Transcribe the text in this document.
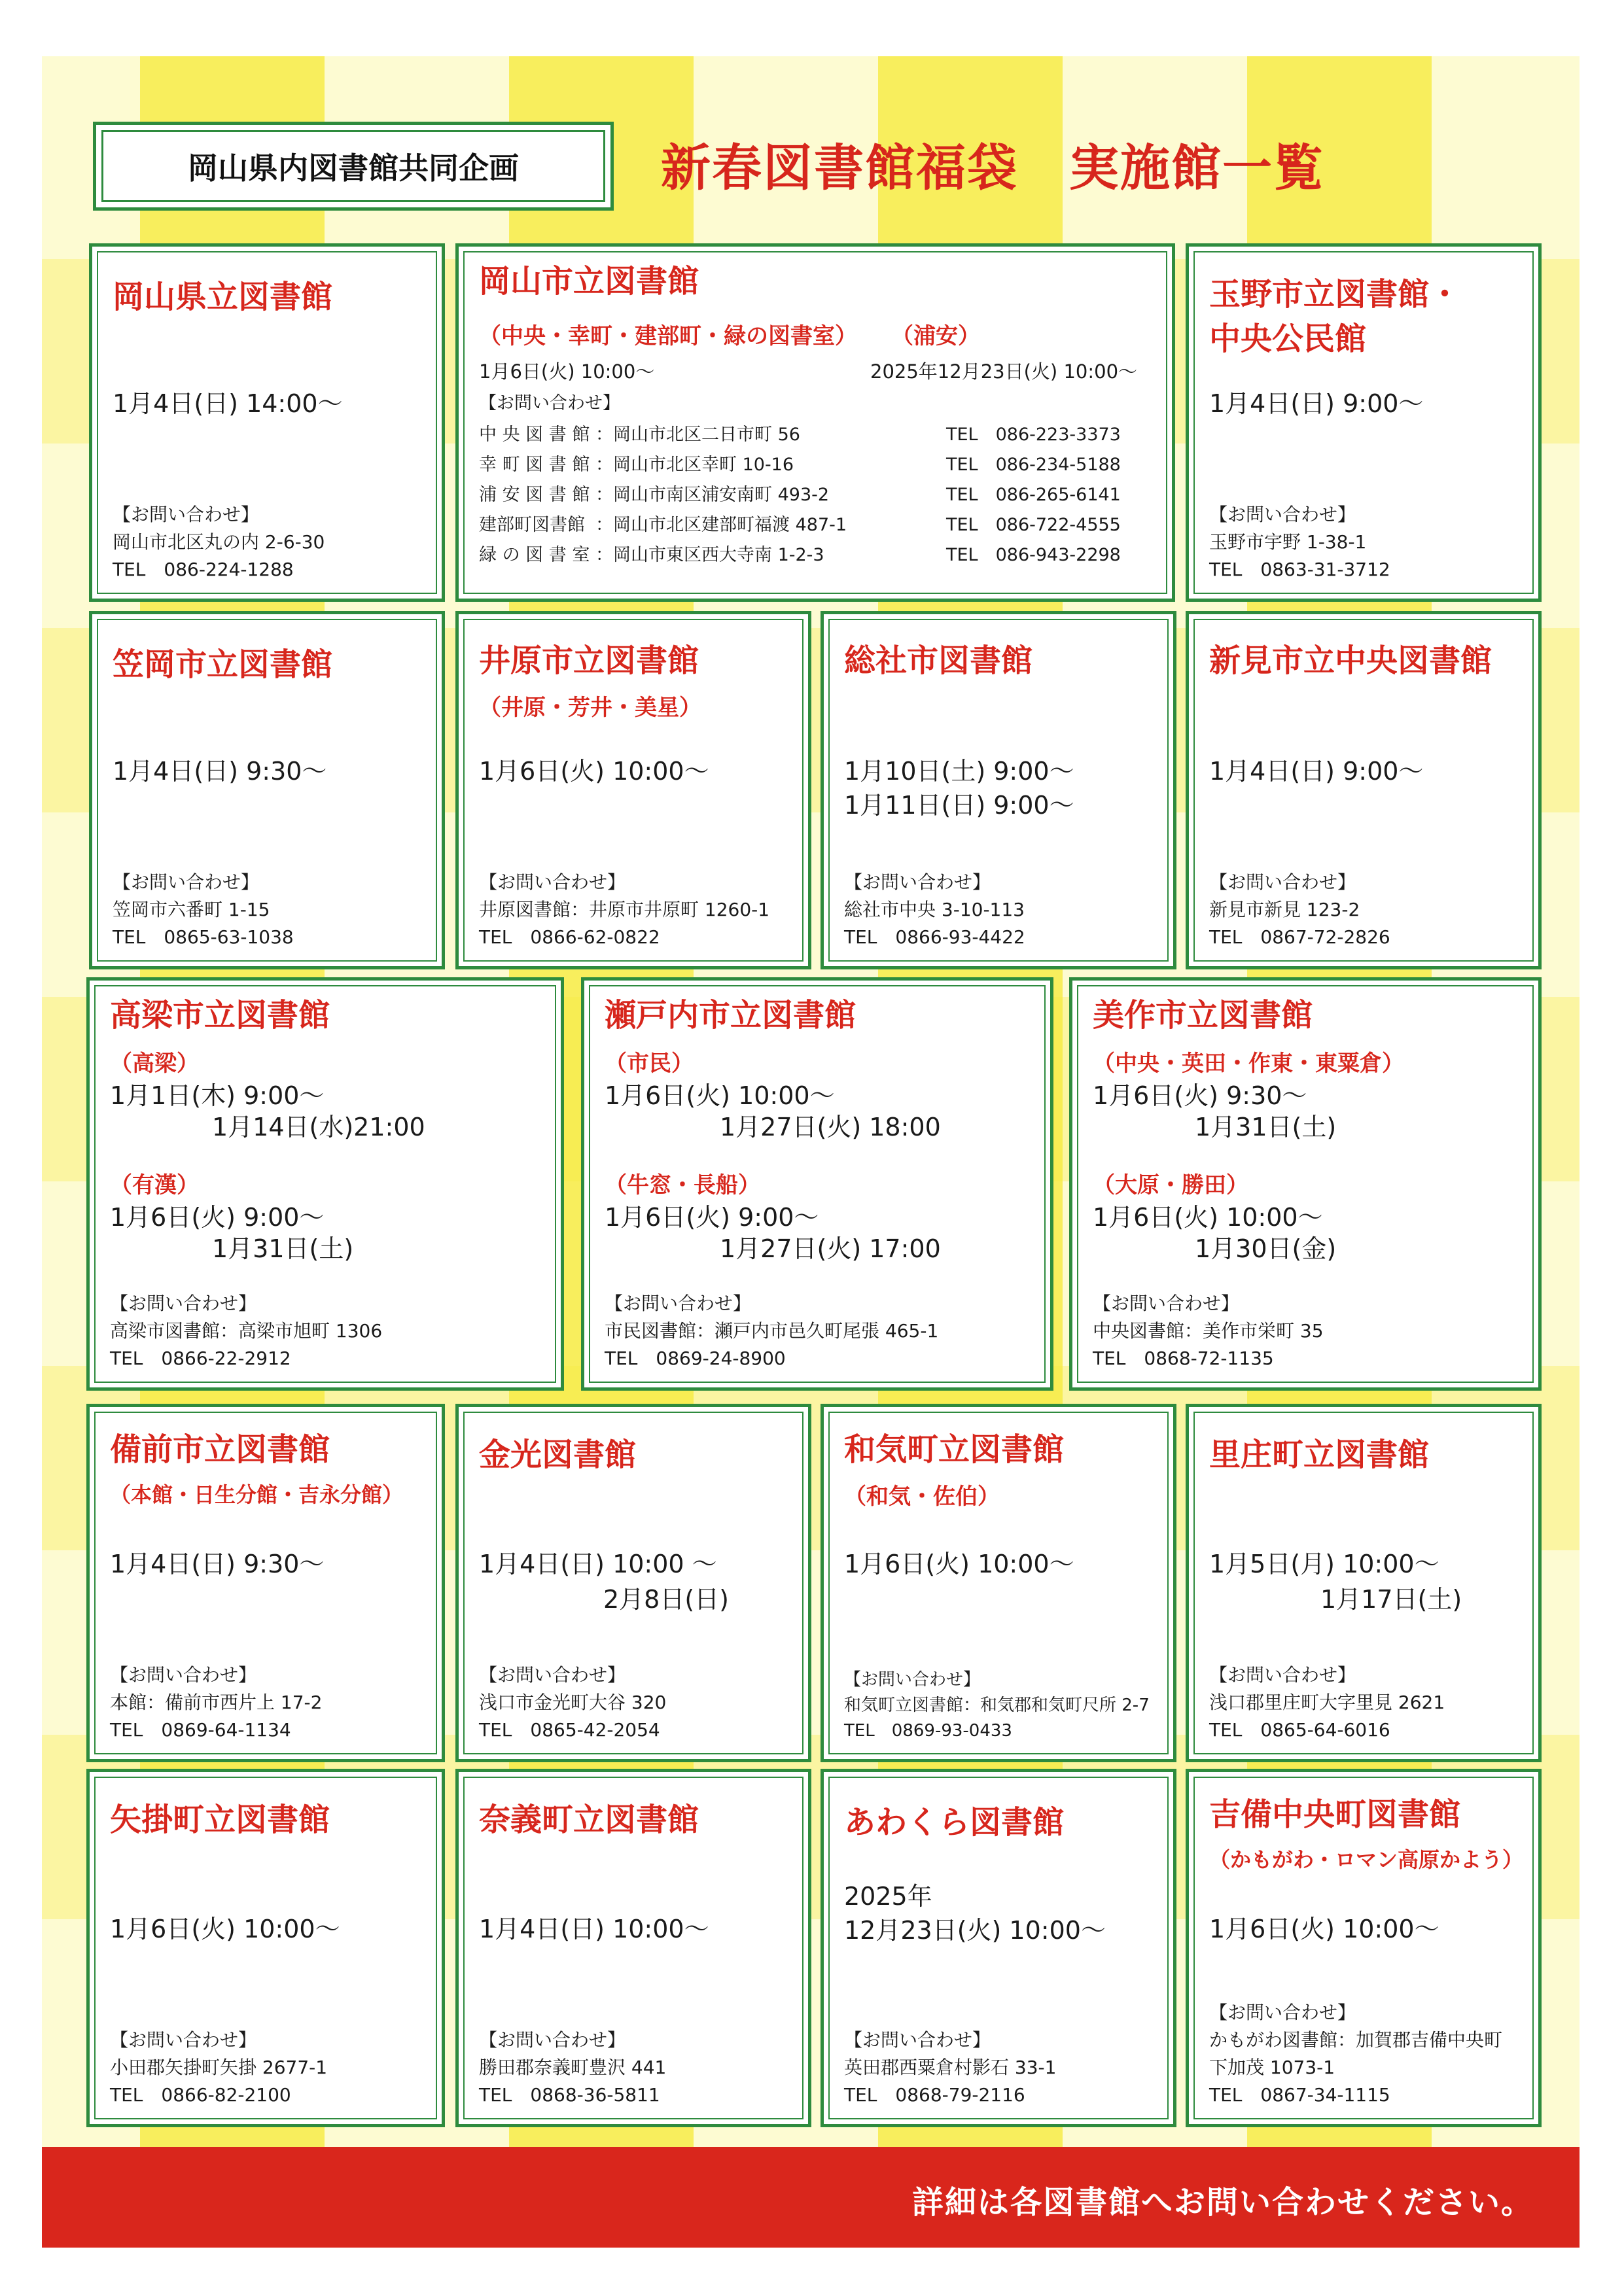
詳細は各図書館へお問い合わせください。
岡山県内図書館共同企画	新春図書館福袋　実施館一覧
岡山県立図書館
1月4日(日) 14:00～
【お問い合わせ】
岡山市北区丸の内 2-6-30
TEL　086-224-1288
岡山市立図書館
（中央・幸町・建部町・緑の図書室） （浦安）
1月6日(火) 10:00～	2025年12月23日(火) 10:00～
【お問い合わせ】
中 央 図 書 館 ：岡山市北区二日市町 56	TEL　086-223-3373
幸 町 図 書 館 ：岡山市北区幸町 10-16	TEL　086-234-5188
浦 安 図 書 館 ：岡山市南区浦安南町 493-2	TEL　086-265-6141
建部町図書館 ：岡山市北区建部町福渡 487-1	TEL　086-722-4555
緑 の 図 書 室 ：岡山市東区西大寺南 1-2-3	TEL　086-943-2298
玉野市立図書館・
中央公民館
1月4日(日) 9:00～
【お問い合わせ】
玉野市宇野 1-38-1
TEL　0863-31-3712
笠岡市立図書館
1月4日(日) 9:30～
【お問い合わせ】
笠岡市六番町 1-15
TEL　0865-63-1038
井原市立図書館
（井原・芳井・美星）
1月6日(火) 10:00～
【お問い合わせ】
井原図書館：井原市井原町 1260-1
TEL　0866-62-0822
総社市図書館
1月10日(土) 9:00～
1月11日(日) 9:00～
【お問い合わせ】
総社市中央 3-10-113
TEL　0866-93-4422
新見市立中央図書館
1月4日(日) 9:00～
【お問い合わせ】
新見市新見 123-2
TEL　0867-72-2826
高梁市立図書館
（高梁）
1月1日(木) 9:00～
1月14日(水)21:00
（有漢）
1月6日(火) 9:00～
1月31日(土)
【お問い合わせ】
高梁市図書館：高梁市旭町 1306
TEL　0866-22-2912
瀬戸内市立図書館
（市民）
1月6日(火) 10:00～
1月27日(火) 18:00
（牛窓・長船）
1月6日(火) 9:00～
1月27日(火) 17:00
【お問い合わせ】
市民図書館：瀬戸内市邑久町尾張 465-1
TEL　0869-24-8900
美作市立図書館
（中央・英田・作東・東粟倉）
1月6日(火) 9:30～
1月31日(土)
（大原・勝田）
1月6日(火) 10:00～
1月30日(金)
【お問い合わせ】
中央図書館：美作市栄町 35
TEL　0868-72-1135
備前市立図書館
（本館・日生分館・吉永分館）
1月4日(日) 9:30～
【お問い合わせ】
本館：備前市西片上 17-2
TEL　0869-64-1134
金光図書館
1月4日(日) 10:00 ～
2月8日(日)
【お問い合わせ】
浅口市金光町大谷 320
TEL　0865-42-2054
和気町立図書館
（和気・佐伯）
1月6日(火) 10:00～
【お問い合わせ】
和気町立図書館：和気郡和気町尺所 2-7
TEL　0869-93-0433
里庄町立図書館
1月5日(月) 10:00～
1月17日(土)
【お問い合わせ】
浅口郡里庄町大字里見 2621
TEL　0865-64-6016
矢掛町立図書館
1月6日(火) 10:00～
【お問い合わせ】
小田郡矢掛町矢掛 2677-1
TEL　0866-82-2100
奈義町立図書館
1月4日(日) 10:00～
【お問い合わせ】
勝田郡奈義町豊沢 441
TEL　0868-36-5811
あわくら図書館
2025年
12月23日(火) 10:00～
【お問い合わせ】
英田郡西粟倉村影石 33-1
TEL　0868-79-2116
吉備中央町図書館
（かもがわ・ロマン高原かよう）
1月6日(火) 10:00～
【お問い合わせ】
かもがわ図書館：加賀郡吉備中央町
下加茂 1073-1
TEL　0867-34-1115
